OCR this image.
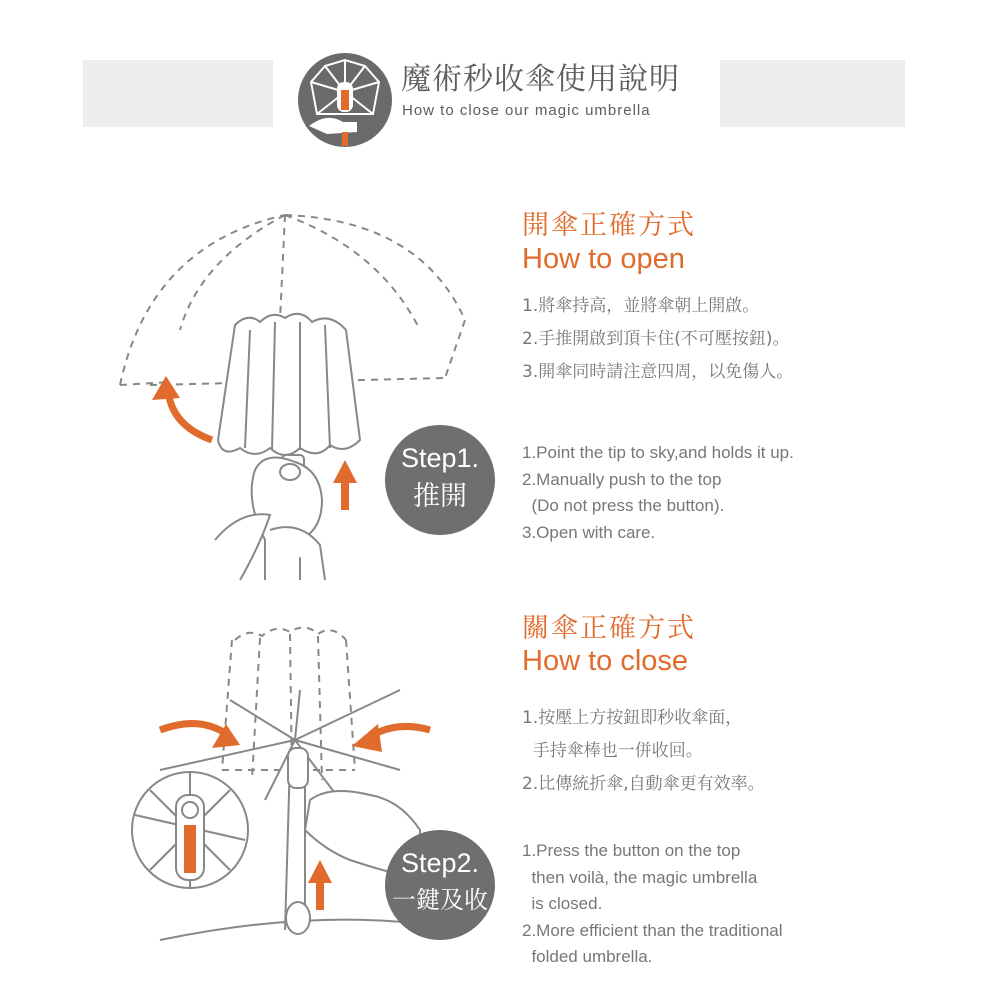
魔術秒收傘使用說明
How to close our magic umbrella
Step1.
推開
Step2.
一鍵及收
開傘正確方式
How to open
1.將傘持高，並將傘朝上開啟。
2.手推開啟到頂卡住(不可壓按鈕)。
3.開傘同時請注意四周，以免傷人。
1.Point the tip to sky,and holds it up.
2.Manually push to the top
(Do not press the button).
3.Open with care.
關傘正確方式
How to close
1.按壓上方按鈕即秒收傘面，
手持傘棒也一併收回。
2.比傳統折傘,自動傘更有效率。
1.Press the button on the top
then voilà, the magic umbrella
is closed.
2.More efficient than the traditional
folded umbrella.
